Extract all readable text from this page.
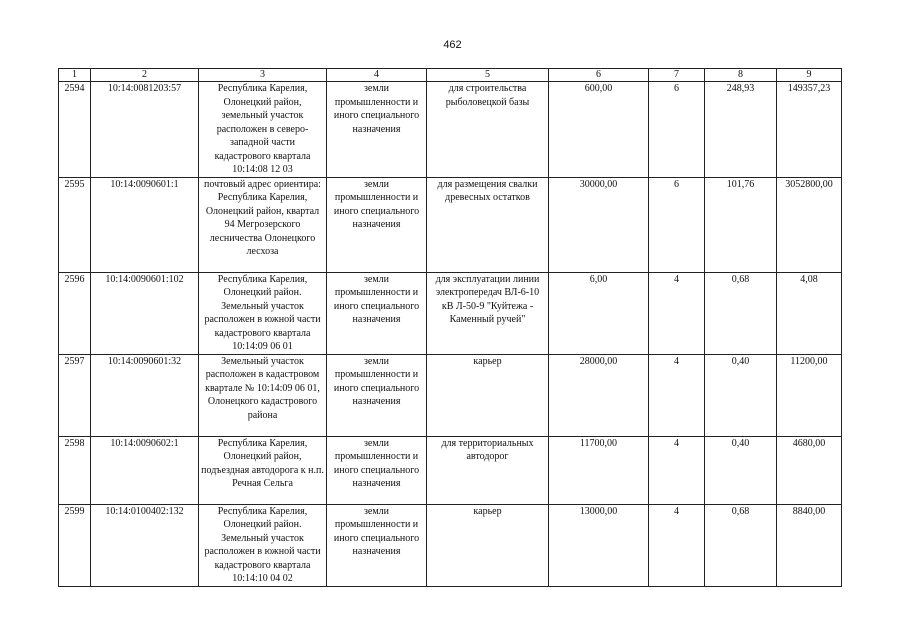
462
1	2	3	4	5	6	7	8	9
2594	10:14:0081203:57	Республика Карелия, Олонецкий район, земельный участок расположен в северо-западной части кадастрового квартала 10:14:08 12 03	земли промышленности и иного специального назначения	для строительства рыболовецкой базы	600,00	6	248,93	149357,23
2595	10:14:0090601:1	почтовый адрес ориентира: Республика Карелия, Олонецкий район, квартал 94 Мегрозерского лесничества Олонецкого лесхоза	земли промышленности и иного специального назначения	для размещения свалки древесных остатков	30000,00	6	101,76	3052800,00
2596	10:14:0090601:102	Республика Карелия, Олонецкий район. Земельный участок расположен в южной части кадастрового квартала 10:14:09 06 01	земли промышленности и иного специального назначения	для эксплуатации линии электропередач ВЛ-6-10 кВ Л-50-9 "Куйтежа - Каменный ручей"	6,00	4	0,68	4,08
2597	10:14:0090601:32	Земельный участок расположен в кадастровом квартале № 10:14:09 06 01, Олонецкого кадастрового района	земли промышленности и иного специального назначения	карьер	28000,00	4	0,40	11200,00
2598	10:14:0090602:1	Республика Карелия, Олонецкий район, подъездная автодорога к н.п. Речная Сельга	земли промышленности и иного специального назначения	для территориальных автодорог	11700,00	4	0,40	4680,00
2599	10:14:0100402:132	Республика Карелия, Олонецкий район. Земельный участок расположен в южной части кадастрового квартала 10:14:10 04 02	земли промышленности и иного специального назначения	карьер	13000,00	4	0,68	8840,00
